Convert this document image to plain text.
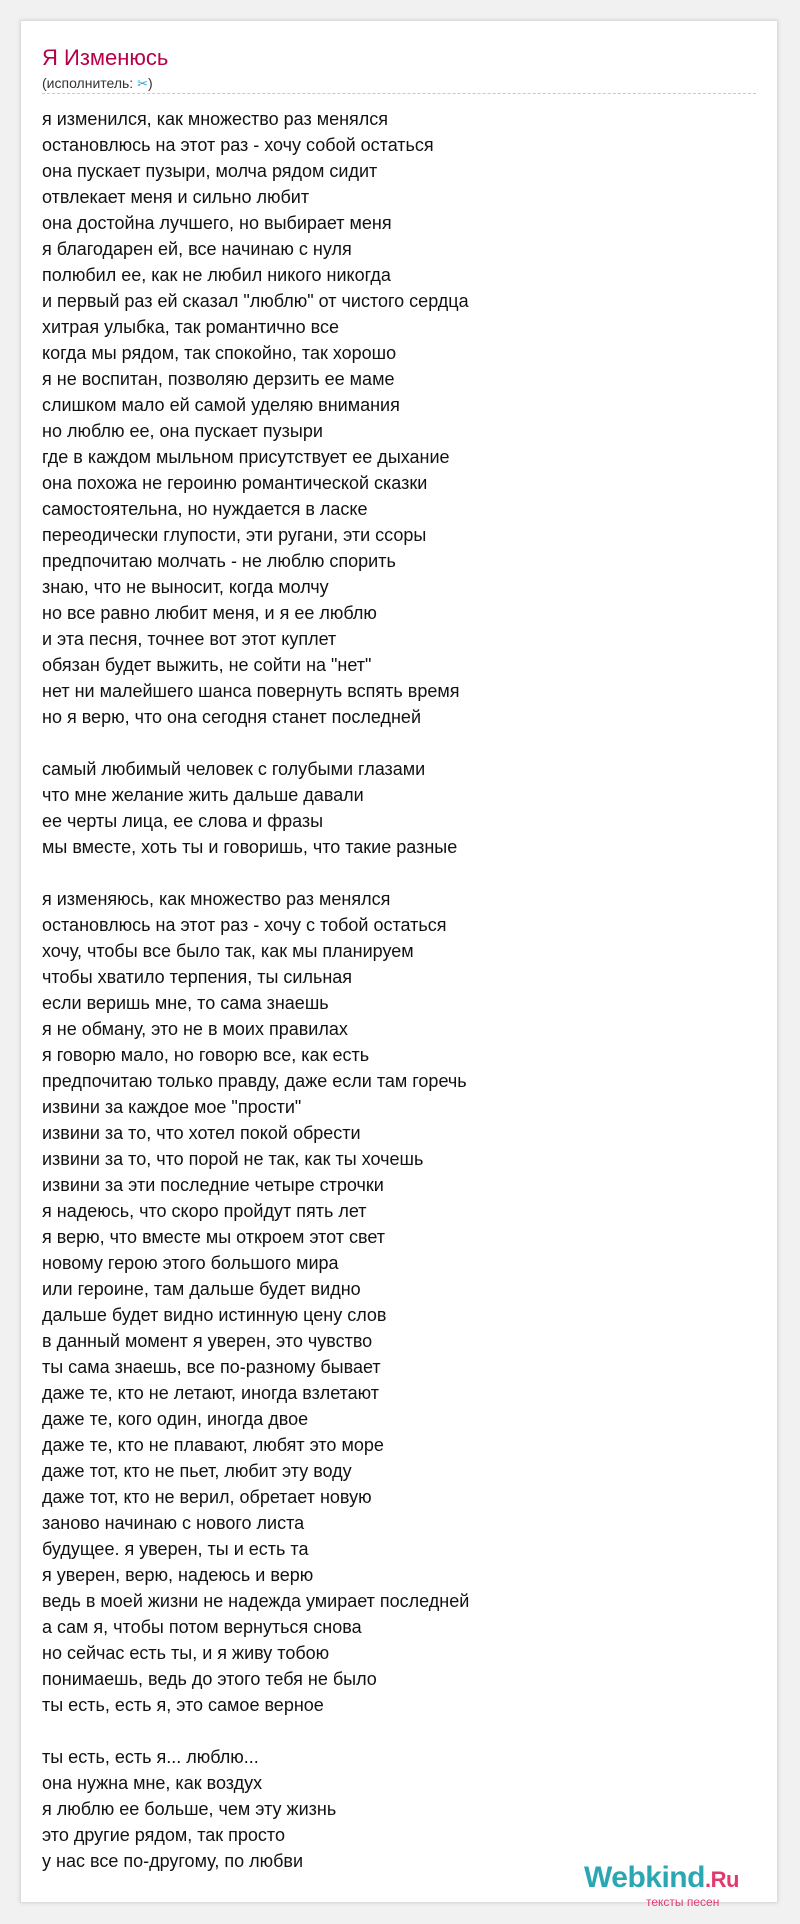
Я Изменюсь
(исполнитель: ✂)
я изменился, как множество раз менялся
остановлюсь на этот раз - хочу собой остаться
она пускает пузыри, молча рядом сидит
отвлекает меня и сильно любит
она достойна лучшего, но выбирает меня
я благодарен ей, все начинаю с нуля
полюбил ее, как не любил никого никогда
и первый раз ей сказал "люблю" от чистого сердца
хитрая улыбка, так романтично все
когда мы рядом, так спокойно, так хорошо
я не воспитан, позволяю дерзить ее маме
слишком мало ей самой уделяю внимания
но люблю ее, она пускает пузыри
где в каждом мыльном присутствует ее дыхание
она похожа не героиню романтической сказки
самостоятельна, но нуждается в ласке
переодически глупости, эти ругани, эти ссоры
предпочитаю молчать - не люблю спорить
знаю, что не выносит, когда молчу
но все равно любит меня, и я ее люблю
и эта песня, точнее вот этот куплет
обязан будет выжить, не сойти на "нет"
нет ни малейшего шанса повернуть вспять время
но я верю, что она сегодня станет последней
самый любимый человек с голубыми глазами
что мне желание жить дальше давали
ее черты лица, ее слова и фразы
мы вместе, хоть ты и говоришь, что такие разные
я изменяюсь, как множество раз менялся
остановлюсь на этот раз - хочу с тобой остаться
хочу, чтобы все было так, как мы планируем
чтобы хватило терпения, ты сильная
если веришь мне, то сама знаешь
я не обману, это не в моих правилах
я говорю мало, но говорю все, как есть
предпочитаю только правду, даже если там горечь
извини за каждое мое "прости"
извини за то, что хотел покой обрести
извини за то, что порой не так, как ты хочешь
извини за эти последние четыре строчки
я надеюсь, что скоро пройдут пять лет
я верю, что вместе мы откроем этот свет
новому герою этого большого мира
или героине, там дальше будет видно
дальше будет видно истинную цену слов
в данный момент я уверен, это чувство
ты сама знаешь, все по-разному бывает
даже те, кто не летают, иногда взлетают
даже те, кого один, иногда двое
даже те, кто не плавают, любят это море
даже тот, кто не пьет, любит эту воду
даже тот, кто не верил, обретает новую
заново начинаю с нового листа
будущее. я уверен, ты и есть та
я уверен, верю, надеюсь и верю
ведь в моей жизни не надежда умирает последней
а сам я, чтобы потом вернуться снова
но сейчас есть ты, и я живу тобою
понимаешь, ведь до этого тебя не было
ты есть, есть я, это самое верное
ты есть, есть я... люблю...
она нужна мне, как воздух
я люблю ее больше, чем эту жизнь
это другие рядом, так просто
у нас все по-другому, по любви	Webkind.Ru
тексты песен
